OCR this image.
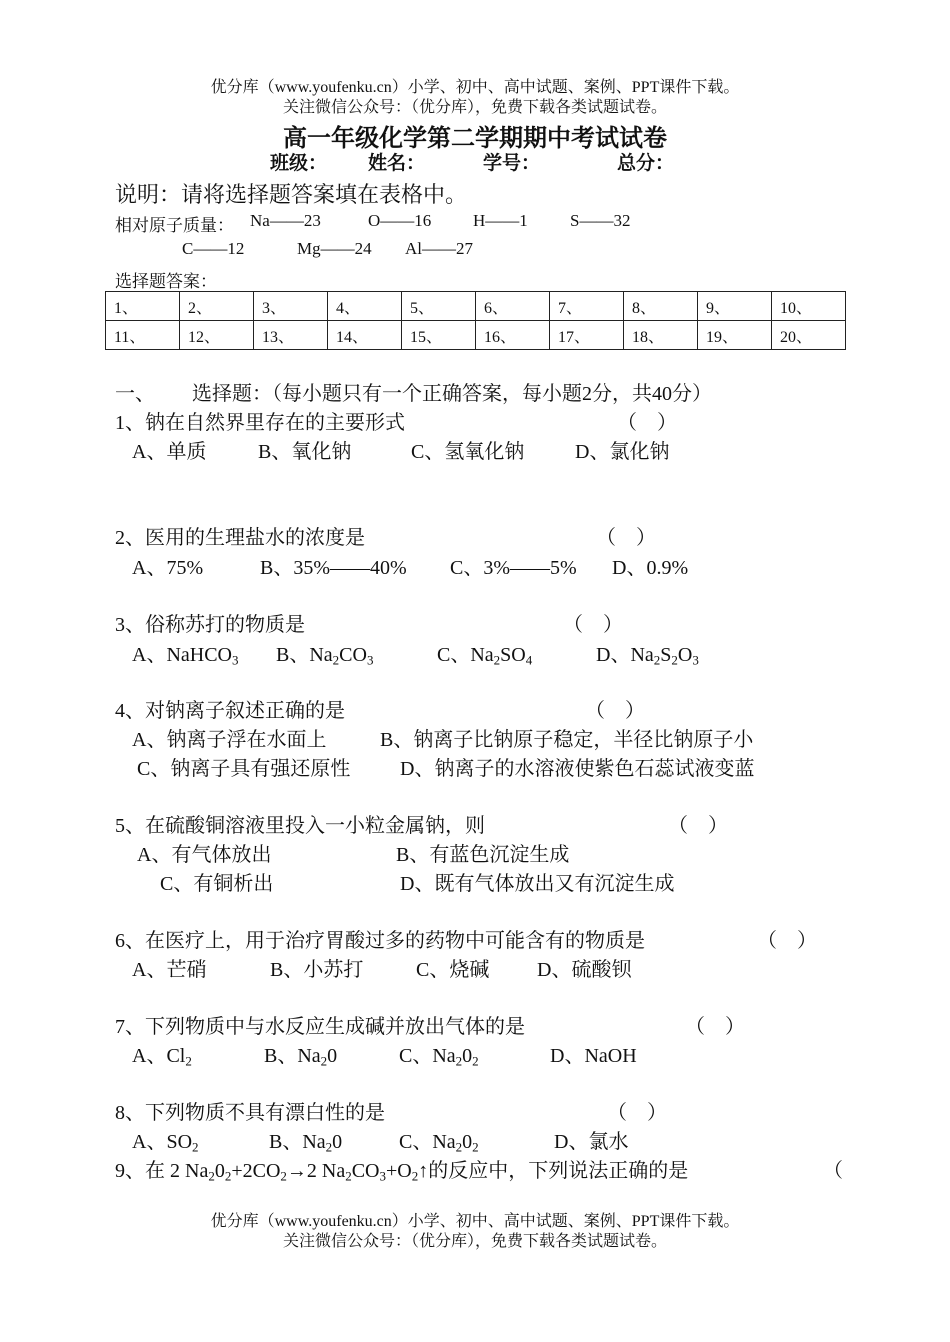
优分库（www.youfenku.cn）小学、初中、高中试题、案例、PPT课件下载。
关注微信公众号：（优分库），免费下载各类试题试卷。
高一年级化学第二学期期中考试试卷
班级： 姓名：	学号：	总分：
说明：请将选择题答案填在表格中。
相对原子质量： Na——23	O——16 H——1 S——32
C——12	Mg——24 Al——27
选择题答案：
1、	2、	3、	4、	5、	6、	7、	8、	9、	10、
11、	12、	13、	14、	15、	16、	17、	18、	19、	20、
一、 选择题：（每小题只有一个正确答案，每小题2分，共40分）
1、钠在自然界里存在的主要形式	（　）
A、单质	B、氧化钠	C、氢氧化钠	D、氯化钠
2、医用的生理盐水的浓度是	（　）
A、75%	B、35%——40% C、3%——5% D、0.9%
3、俗称苏打的物质是	（　）
A、NaHCO$_3$ B、$Na_2CO_3$	C、$Na_2SO_4$	D、$Na_2S_2O_3$
4、对钠离子叙述正确的是	（　）
A、钠离子浮在水面上	B、钠离子比钠原子稳定，半径比钠原子小
C、钠离子具有强还原性 D、钠离子的水溶液使紫色石蕊试液变蓝
5、在硫酸铜溶液里投入一小粒金属钠，则	（　）
A、有气体放出	B、有蓝色沉淀生成
C、有铜析出	D、既有气体放出又有沉淀生成
6、在医疗上，用于治疗胃酸过多的药物中可能含有的物质是	（　）
A、芒硝	B、小苏打	C、烧碱 D、硫酸钡
7、下列物质中与水反应生成碱并放出气体的是	（　）
A、$Cl_2$	B、$Na_20$	C、$Na_20_2$	D、NaOH
8、下列物质不具有漂白性的是	（　）
A、$SO_2$	B、$Na_20$	C、$Na_20_2$	D、氯水
9、在 2 $Na_20_2+2CO_2\to 2$ $Na_2CO_3+O_2↑$的反应中，下列说法正确的是	（
优分库（www.youfenku.cn）小学、初中、高中试题、案例、PPT课件下载。
关注微信公众号：（优分库），免费下载各类试题试卷。
